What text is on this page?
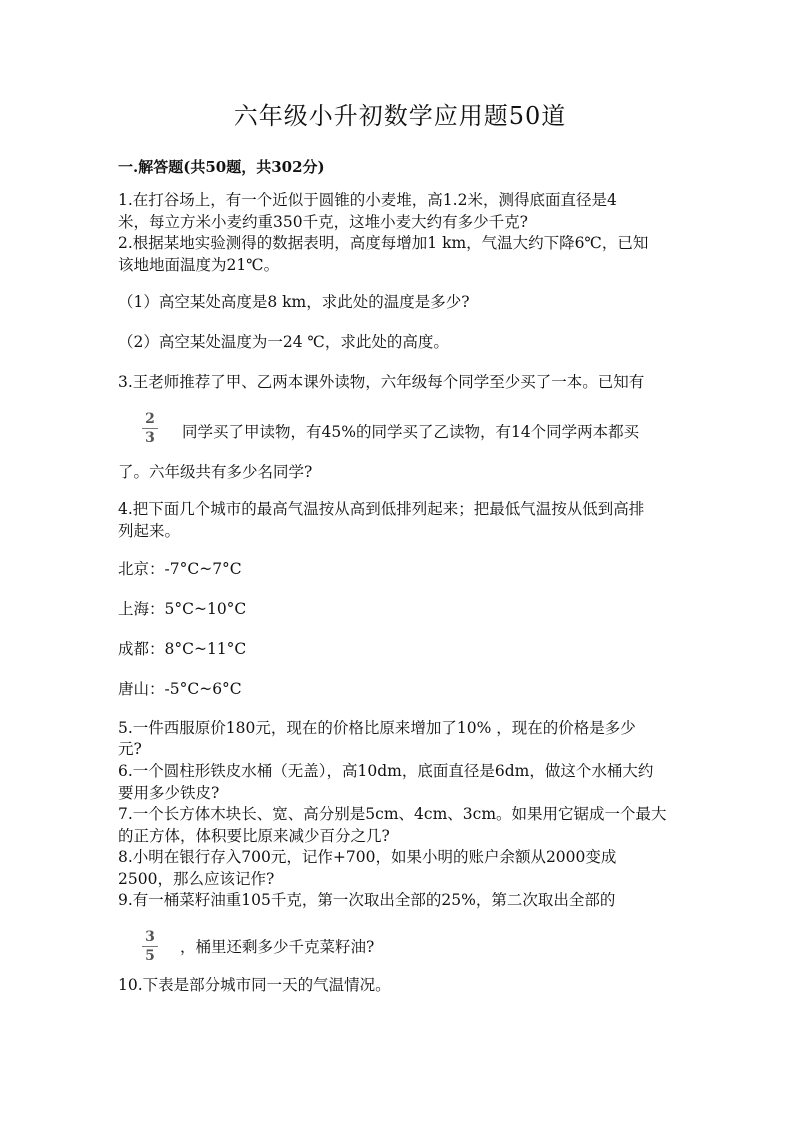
六年级小升初数学应用题50道
一.解答题(共50题，共302分)
1.在打谷场上，有一个近似于圆锥的小麦堆，高1.2米，测得底面直径是4
米，每立方米小麦约重350千克，这堆小麦大约有多少千克?
2.根据某地实验测得的数据表明，高度每增加1 km，气温大约下降6℃，已知
该地地面温度为21℃。
（1）高空某处高度是8 km，求此处的温度是多少?
（2）高空某处温度为一24 ℃，求此处的高度。
3.王老师推荐了甲、乙两本课外读物，六年级每个同学至少买了一本。已知有
2
3	同学买了甲读物，有45%的同学买了乙读物，有14个同学两本都买
了。六年级共有多少名同学?
4.把下面几个城市的最高气温按从高到低排列起来；把最低气温按从低到高排
列起来。
北京：-7°C~7°C
上海：5°C~10°C
成都：8°C~11°C
唐山：-5°C~6°C
5.一件西服原价180元，现在的价格比原来增加了10% ，现在的价格是多少
元?
6.一个圆柱形铁皮水桶（无盖），高10dm，底面直径是6dm，做这个水桶大约
要用多少铁皮?
7.一个长方体木块长、宽、高分别是5cm、4cm、3cm。如果用它锯成一个最大
的正方体，体积要比原来减少百分之几?
8.小明在银行存入700元，记作+700，如果小明的账户余额从2000变成
2500，那么应该记作?
9.有一桶菜籽油重105千克，第一次取出全部的25%，第二次取出全部的
3
5	，桶里还剩多少千克菜籽油?
10.下表是部分城市同一天的气温情况。
